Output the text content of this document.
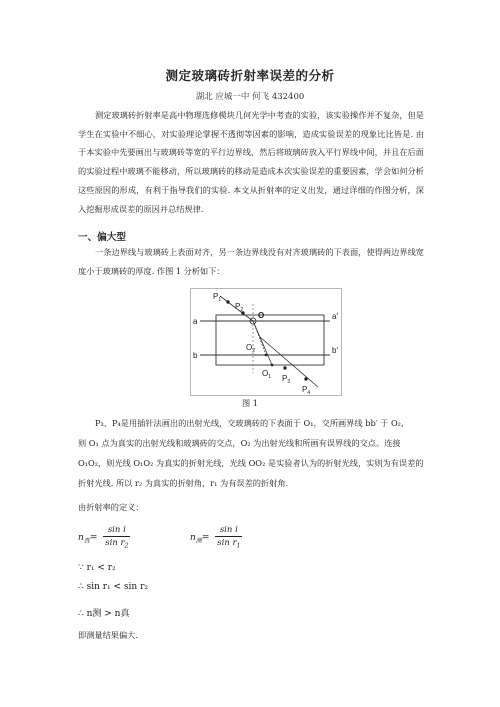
测定玻璃砖折射率误差的分析
湖北 应城一中 何飞 432400
测定玻璃砖折射率是高中物理选修模块几何光学中考查的实验，该实验操作并不复杂，但是学生在实验中不细心，对实验理论掌握不透彻等因素的影响，造成实验误差的现象比比皆是. 由于本实验中先要画出与玻璃砖等宽的平行边界线，然后将玻璃砖放入平行界线中间，并且在后面的实验过程中玻璃不能移动，所以玻璃砖的移动是造成本次实验误差的重要因素，学会如何分析这些原因的形成，有利于指导我们的实验. 本文从折射率的定义出发，通过详细的作图分析，深入挖掘形成误差的原因并总结规律.
一、偏大型
一条边界线与玻璃砖上表面对齐，另一条边界线没有对齐玻璃砖的下表面，使得两边界线宽度小于玻璃砖的厚度. 作图 1 分析如下：
$P_1$
$P_2$
a
a′
b
b′
O
$O_2$
$O_1$ $P_3$
$P_4$
图 1
P₃、P₄是用插针法画出的出射光线，交玻璃砖的下表面于 O₁，交所画界线 bb′ 于 O₂,
则 O₁ 点为真实的出射光线和玻璃砖的交点，O₂ 为出射光线和所画有误界线的交点。连接
O₁O₂，则光线 O₁O₂ 为真实的折射光线，光线 OO₂ 是实验者认为的折射光线，实则为有误差的
折射光线. 所以 r₂ 为真实的折射角，r₁ 为有误差的折射角.
由折射率的定义：
$n_真= \frac{\text{sin i}}{\sin r_2}$	$n_测= \frac{\text{sin i}}{\sin r_1}$
∵ r₁ < r₂
∴ sin r₁ < sin r₂
∴ n测 > n真
即测量结果偏大.
